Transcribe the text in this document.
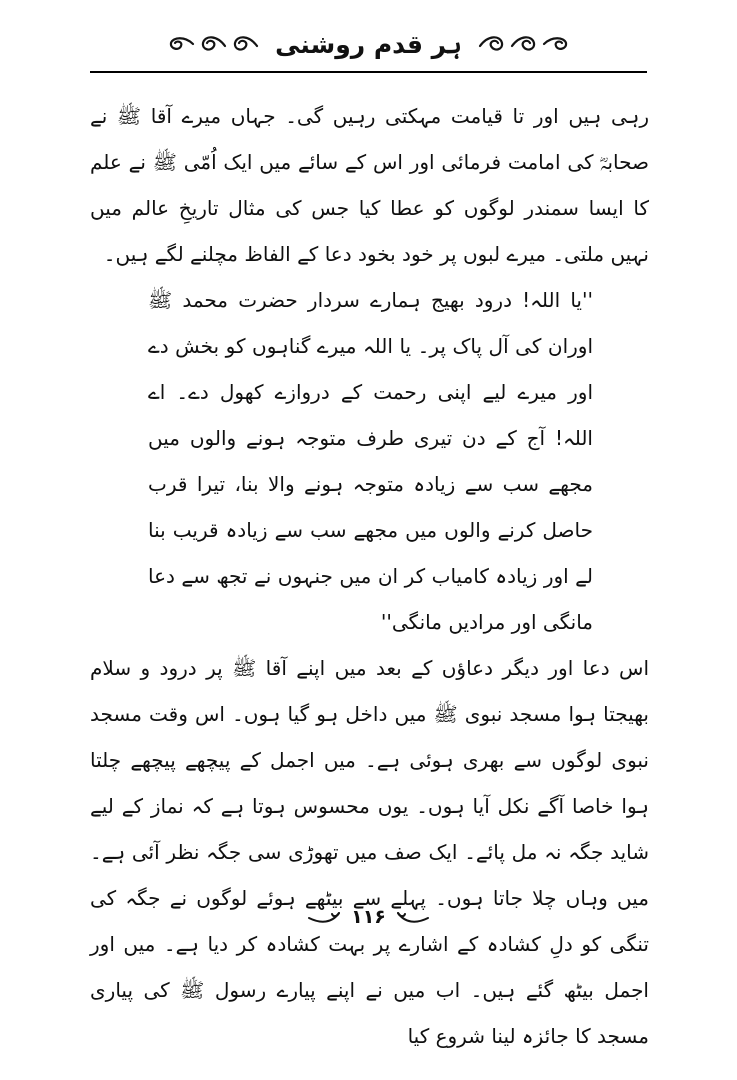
ہر قدم روشنی

رہی ہیں اور تا قیامت مہکتی رہیں گی۔ جہاں میرے آقا ﷺ نے صحابہؓ کی امامت فرمائی اور اس کے سائے میں ایک اُمّی ﷺ نے علم کا ایسا سمندر لوگوں کو عطا کیا جس کی مثال تاریخِ عالم میں نہیں ملتی۔ میرے لبوں پر خود بخود دعا کے الفاظ مچلنے لگے ہیں۔

''یا اللہ! درود بھیج ہمارے سردار حضرت محمد ﷺ اوران کی آل پاک پر۔ یا اللہ میرے گناہوں کو بخش دے اور میرے لیے اپنی رحمت کے دروازے کھول دے۔ اے اللہ! آج کے دن تیری طرف متوجہ ہونے والوں میں مجھے سب سے زیادہ متوجہ ہونے والا بنا، تیرا قرب حاصل کرنے والوں میں مجھے سب سے زیادہ قریب بنا لے اور زیادہ کامیاب کر ان میں جنہوں نے تجھ سے دعا مانگی اور مرادیں مانگی''

اس دعا اور دیگر دعاؤں کے بعد میں اپنے آقا ﷺ پر درود و سلام بھیجتا ہوا مسجد نبوی ﷺ میں داخل ہو گیا ہوں۔ اس وقت مسجد نبوی لوگوں سے بھری ہوئی ہے۔ میں اجمل کے پیچھے پیچھے چلتا ہوا خاصا آگے نکل آیا ہوں۔ یوں محسوس ہوتا ہے کہ نماز کے لیے شاید جگہ نہ مل پائے۔ ایک صف میں تھوڑی سی جگہ نظر آئی ہے۔ میں وہاں چلا جاتا ہوں۔ پہلے سے بیٹھے ہوئے لوگوں نے جگہ کی تنگی کو دلِ کشادہ کے اشارے پر بہت کشادہ کر دیا ہے۔ میں اور اجمل بیٹھ گئے ہیں۔ اب میں نے اپنے پیارے رسول ﷺ کی پیاری مسجد کا جائزہ لینا شروع کیا

۱۱۶
